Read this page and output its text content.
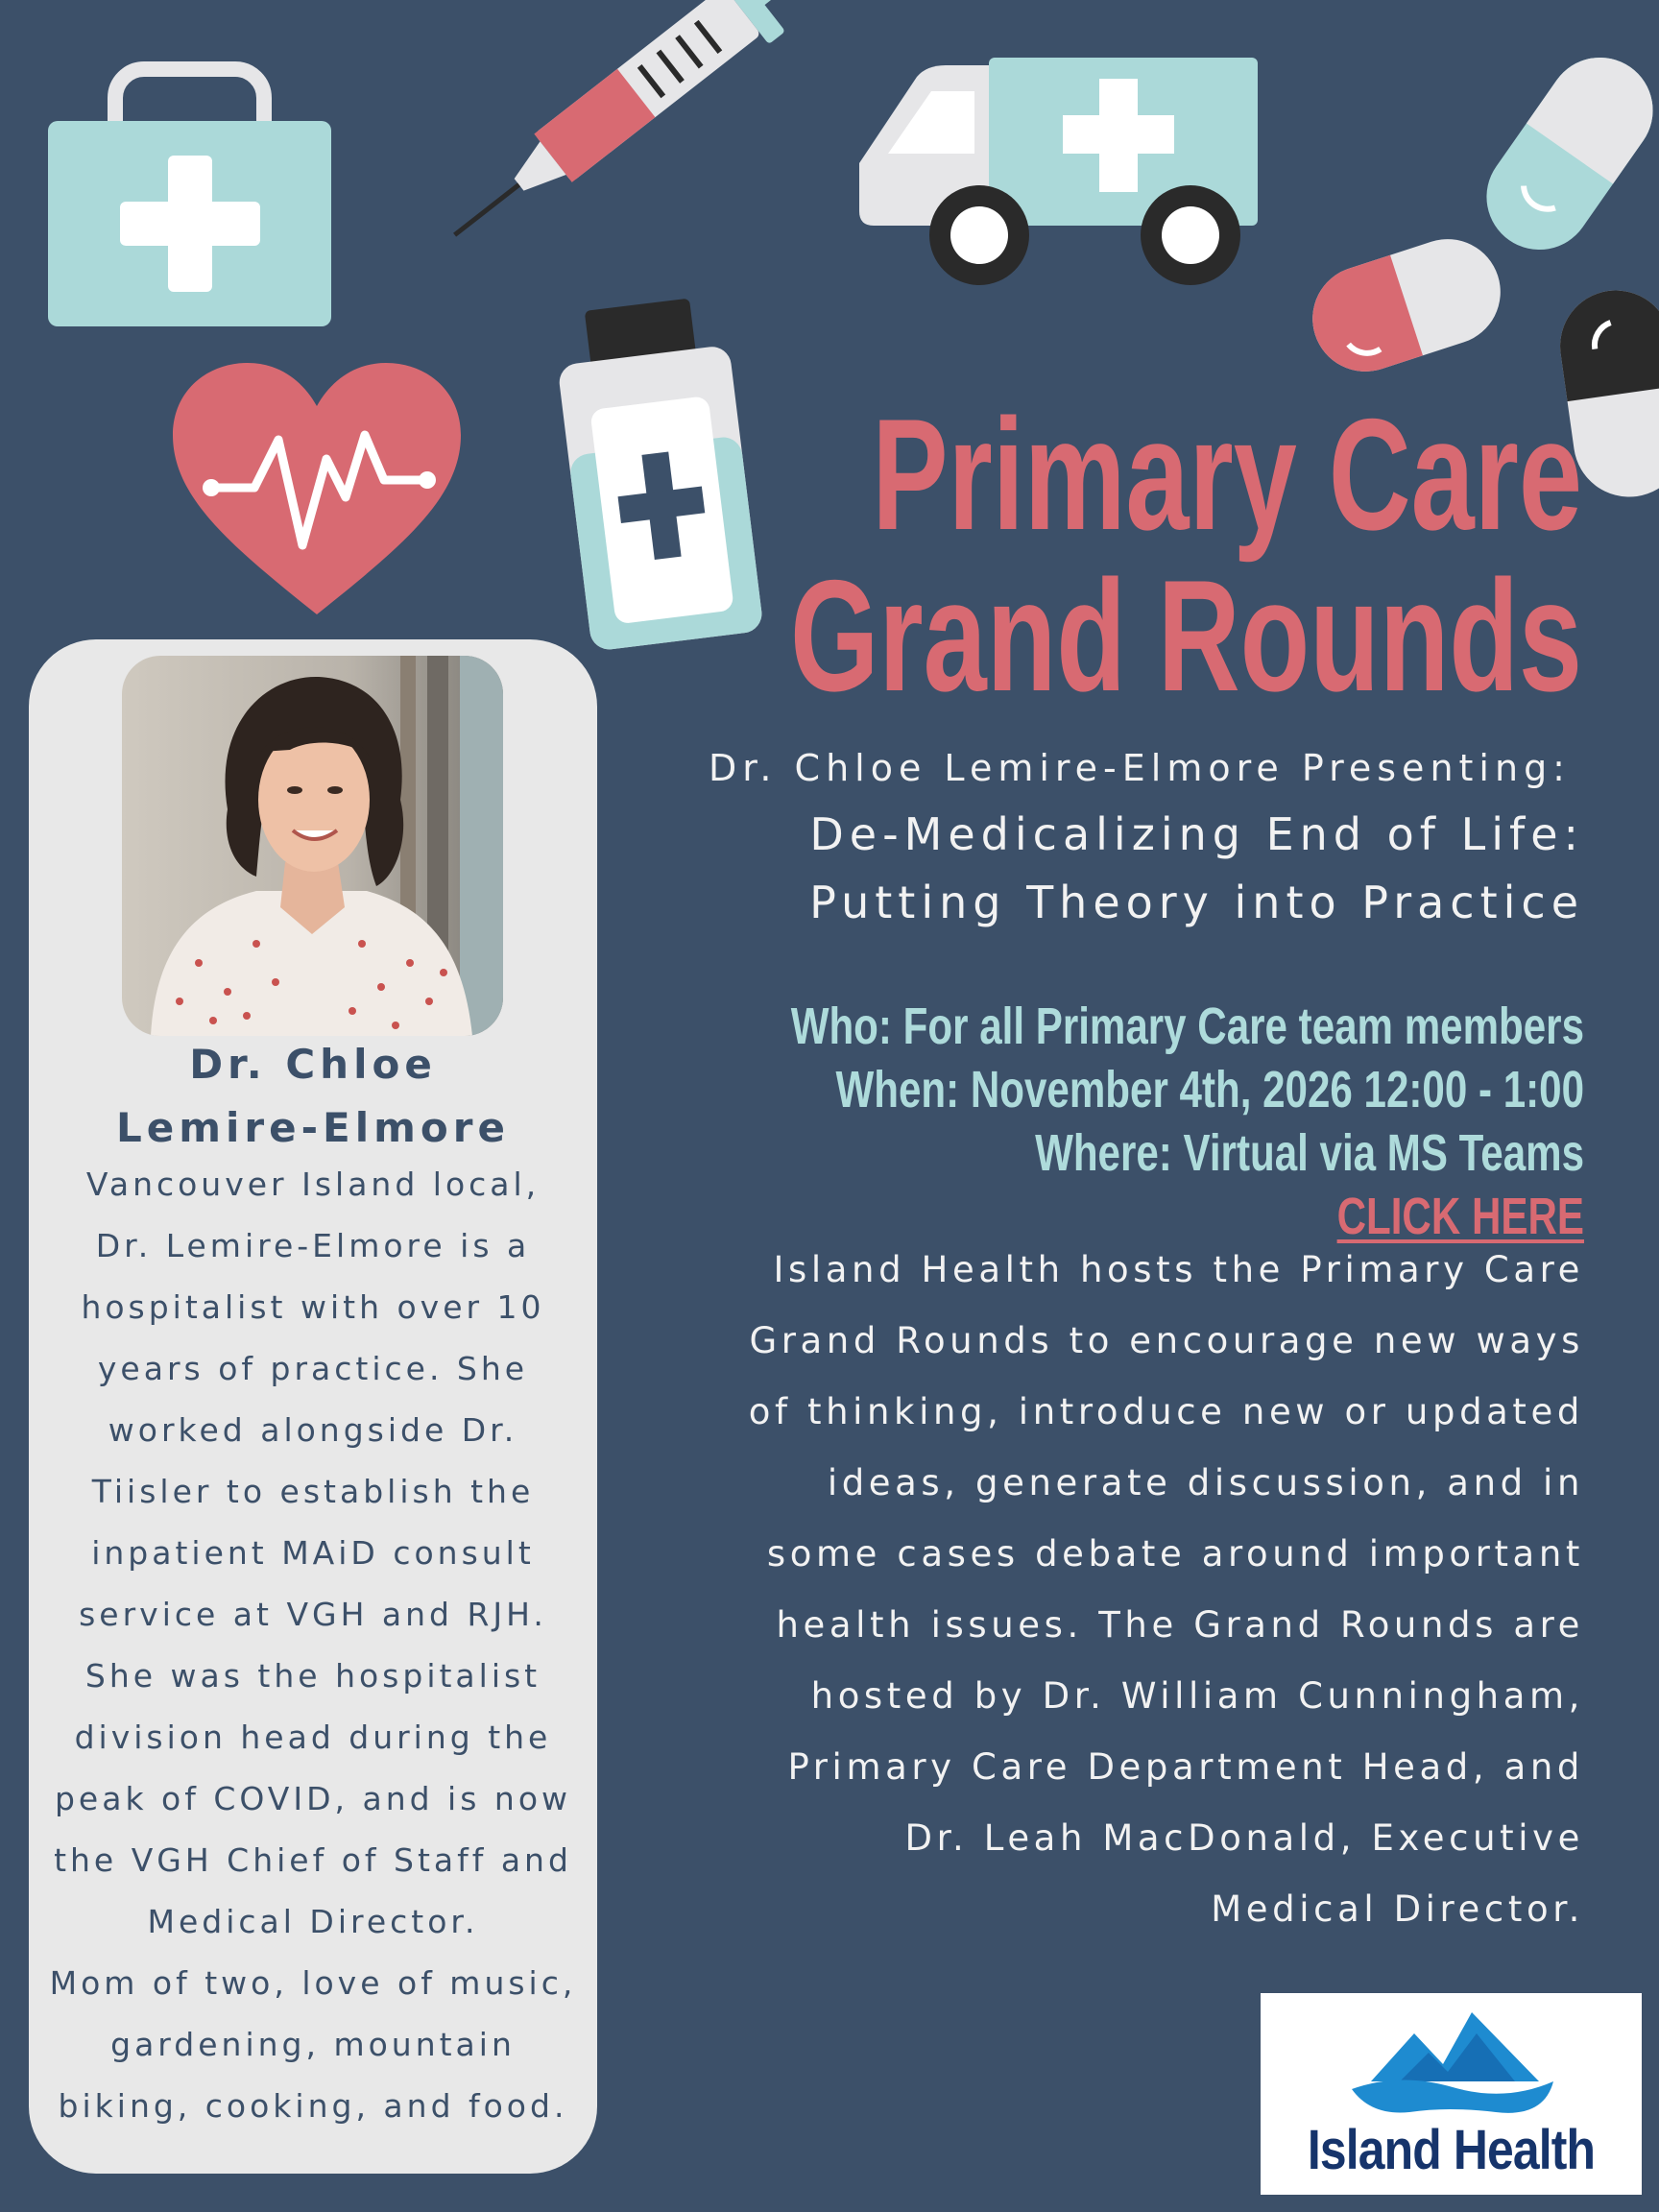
Primary Care
Grand Rounds
Dr. Chloe Lemire-Elmore Presenting:
De-Medicalizing End of Life:
Putting Theory into Practice
Who: For all Primary Care team members
When: November 4th, 2026 12:00 - 1:00
Where: Virtual via MS Teams
CLICK HERE
Island Health hosts the Primary Care
Grand Rounds to encourage new ways
of thinking, introduce new or updated
ideas, generate discussion, and in
some cases debate around important
health issues. The Grand Rounds are
hosted by Dr. William Cunningham,
Primary Care Department Head, and
Dr. Leah MacDonald, Executive
Medical Director.
Dr. Chloe
Lemire-Elmore
Vancouver Island local,
Dr. Lemire-Elmore is a
hospitalist with over 10
years of practice. She
worked alongside Dr.
Tiisler to establish the
inpatient MAiD consult
service at VGH and RJH.
She was the hospitalist
division head during the
peak of COVID, and is now
the VGH Chief of Staff and
Medical Director.
Mom of two, love of music,
gardening, mountain
biking, cooking, and food.
Island Health
